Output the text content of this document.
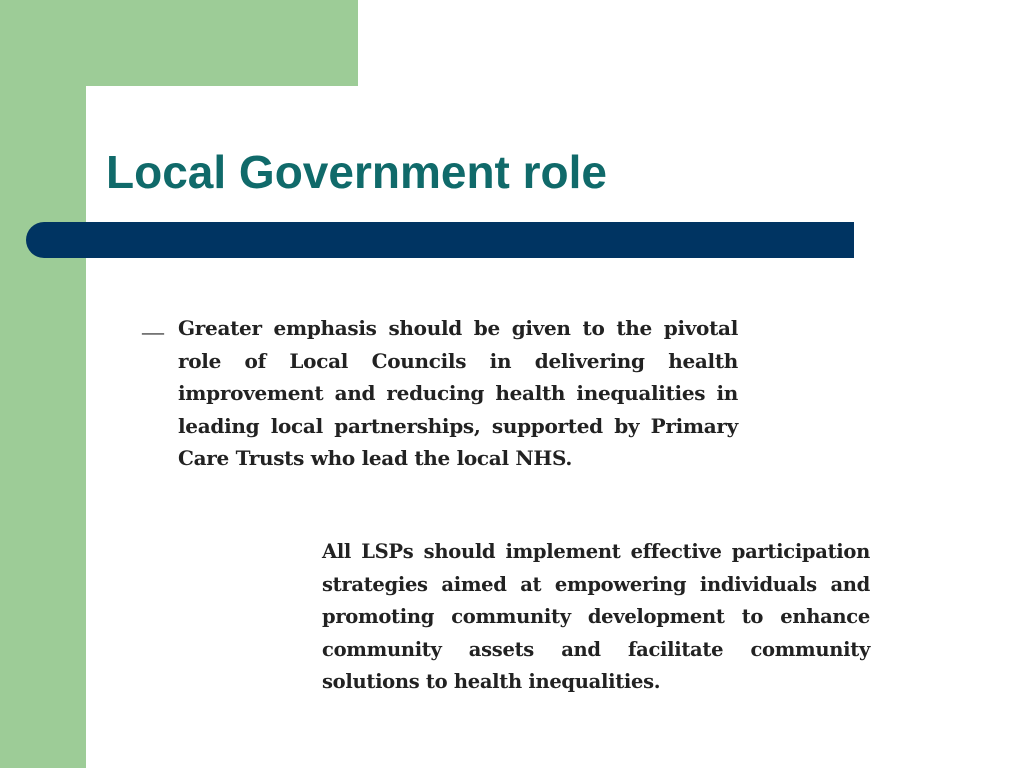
Local Government role
— Greater emphasis should be given to the pivotal role of Local Councils in delivering health improvement and reducing health inequalities in leading local partnerships, supported by Primary Care Trusts who lead the local NHS.

All LSPs should implement effective participation strategies aimed at empowering individuals and promoting community development to enhance community assets and facilitate community solutions to health inequalities.
